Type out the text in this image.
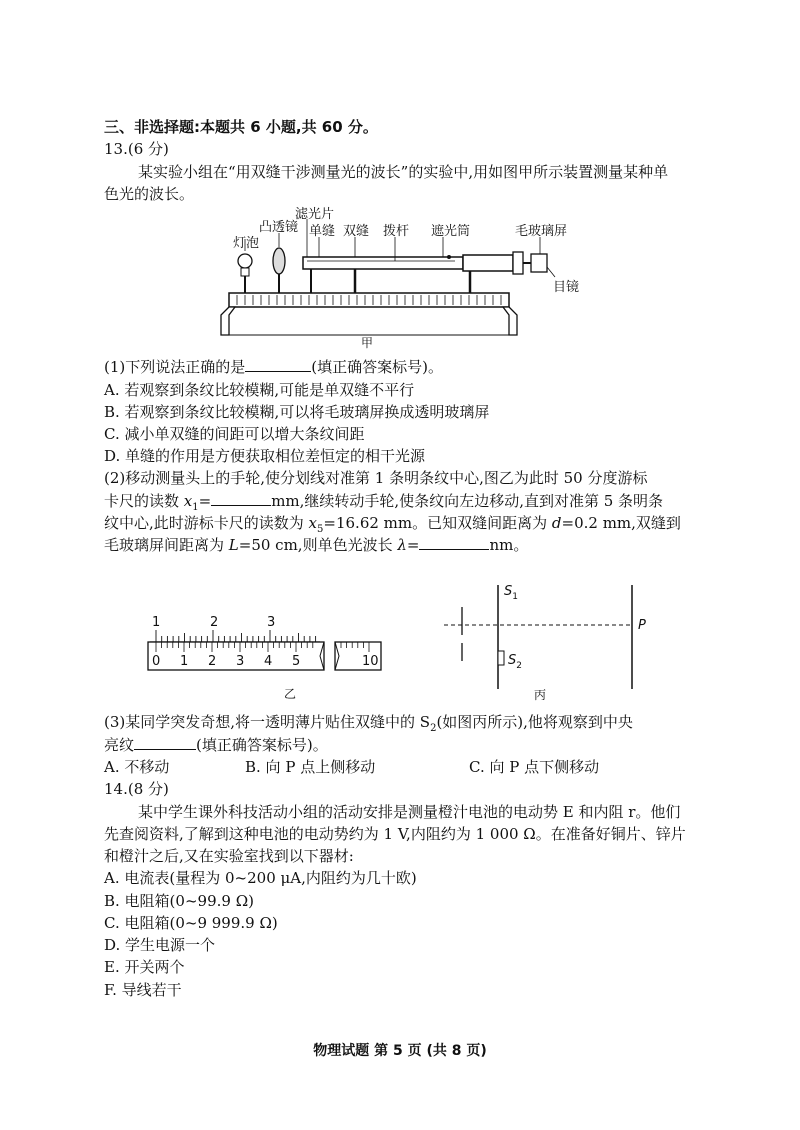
三、非选择题:本题共 6 小题,共 60 分。
13.(6 分)
某实验小组在“用双缝干涉测量光的波长”的实验中,用如图甲所示装置测量某种单
色光的波长。
灯泡
凸透镜
滤光片
单缝 双缝 拨杆 遮光筒	毛玻璃屏
目镜
甲
(1)下列说法正确的是	(填正确答案标号)。
A. 若观察到条纹比较模糊,可能是单双缝不平行
B. 若观察到条纹比较模糊,可以将毛玻璃屏换成透明玻璃屏
C. 减小单双缝的间距可以增大条纹间距
D. 单缝的作用是方便获取相位差恒定的相干光源
(2)移动测量头上的手轮,使分划线对准第 1 条明条纹中心,图乙为此时 50 分度游标
卡尺的读数 $x_1=$	mm,继续转动手轮,使条纹向左边移动,直到对准第 5 条明条
纹中心,此时游标卡尺的读数为 $x_5=16.62$ mm。已知双缝间距离为 d=0.2 mm,双缝到
毛玻璃屏间距离为 L=50 cm,则单色光波长 λ=	nm。
1	2	3
0 1 2 3 4 5	10
乙
$S_1$
$S_2$
P
丙
(3)某同学突发奇想,将一透明薄片贴住双缝中的 $S_2$(如图丙所示),他将观察到中央
亮纹	(填正确答案标号)。
A. 不移动	B. 向 P 点上侧移动	C. 向 P 点下侧移动
14.(8 分)
某中学生课外科技活动小组的活动安排是测量橙汁电池的电动势 E 和内阻 r。他们
先查阅资料,了解到这种电池的电动势约为 1 V,内阻约为 1 000 Ω。在准备好铜片、锌片
和橙汁之后,又在实验室找到以下器材:
A. 电流表(量程为 0~200 μA,内阻约为几十欧)
B. 电阻箱(0~99.9 Ω)
C. 电阻箱(0~9 999.9 Ω)
D. 学生电源一个
E. 开关两个
F. 导线若干
物理试题 第 5 页 (共 8 页)
